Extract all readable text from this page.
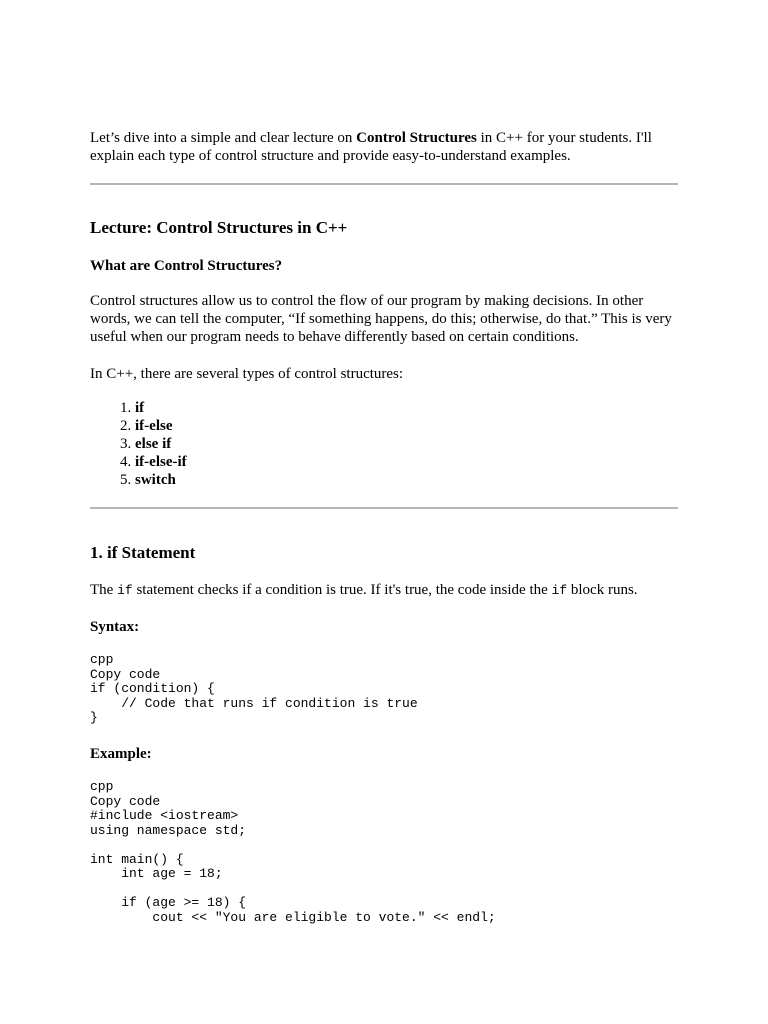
Let’s dive into a simple and clear lecture on Control Structures in C++ for your students. I'll explain each type of control structure and provide easy-to-understand examples.

Lecture: Control Structures in C++
What are Control Structures?

Control structures allow us to control the flow of our program by making decisions. In other words, we can tell the computer, “If something happens, do this; otherwise, do that.” This is very useful when our program needs to behave differently based on certain conditions.

In C++, there are several types of control structures:

1. if
2. if-else
3. else if
4. if-else-if
5. switch
1. if Statement

The if statement checks if a condition is true. If it's true, the code inside the if block runs.

Syntax:
cpp
Copy code
if (condition) {
// Code that runs if condition is true
}
Example:
cpp
Copy code
#include <iostream>
using namespace std;
int main() {
int age = 18;
if (age >= 18) {
cout << "You are eligible to vote." << endl;
